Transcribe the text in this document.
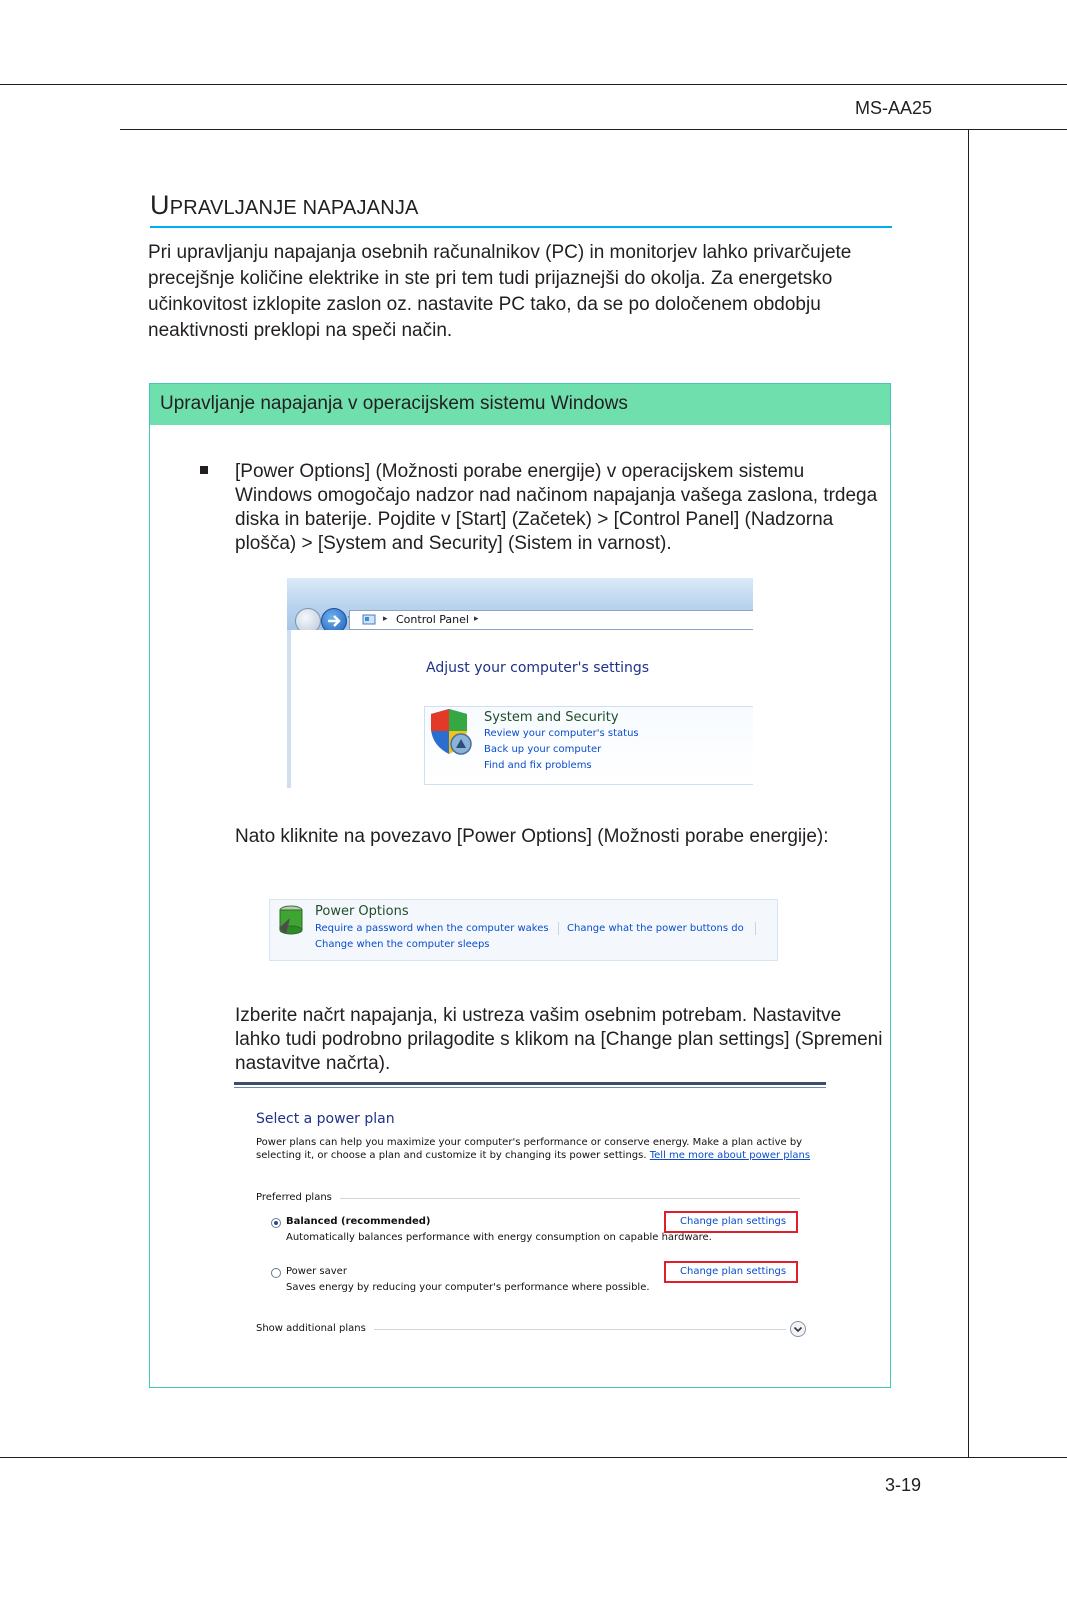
MS-AA25
UPRAVLJANJE NAPAJANJA
Pri upravljanju napajanja osebnih računalnikov (PC) in monitorjev lahko privarčujete precejšnje količine elektrike in ste pri tem tudi prijaznejši do okolja. Za energetsko učinkovitost izklopite zaslon oz. nastavite PC tako, da se po določenem obdobju neaktivnosti preklopi na speči način.
Upravljanje napajanja v operacijskem sistemu Windows
[Power Options] (Možnosti porabe energije) v operacijskem sistemu Windows omogočajo nadzor nad načinom napajanja vašega zaslona, trdega diska in baterije. Pojdite v [Start] (Začetek) > [Control Panel] (Nadzorna plošča) > [System and Security] (Sistem in varnost).
▸ Control Panel ▸
Adjust your computer's settings
System and Security
Review your computer's status
Back up your computer
Find and fix problems
Nato kliknite na povezavo [Power Options] (Možnosti porabe energije):
Power Options
Require a password when the computer wakes Change what the power buttons do
Change when the computer sleeps
Izberite načrt napajanja, ki ustreza vašim osebnim potrebam. Nastavitve lahko tudi podrobno prilagodite s klikom na [Change plan settings] (Spremeni nastavitve načrta).
Select a power plan
Power plans can help you maximize your computer's performance or conserve energy. Make a plan active by selecting it, or choose a plan and customize it by changing its power settings. Tell me more about power plans
Preferred plans
Balanced (recommended)
Automatically balances performance with energy consumption on capable hardware.
Change plan settings
Power saver
Saves energy by reducing your computer's performance where possible.
Change plan settings
Show additional plans
3-19
